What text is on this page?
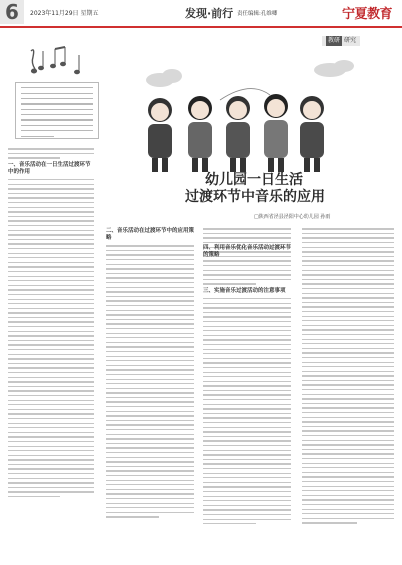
6	2023年11月29日 星期五	发现·前行 责任编辑:孔维卿	宁夏教育
教研 研究
幼儿园一日生活
过渡环节中音乐的应用
□陕西省泾县泾阳中心幼儿园 孙雨
一、音乐活动在一日生活过渡环节中的作用
二、音乐活动在过渡环节中的应用策略
三、实施音乐过渡活动的注意事项
四、利用音乐优化音乐活动过渡环节的策略
